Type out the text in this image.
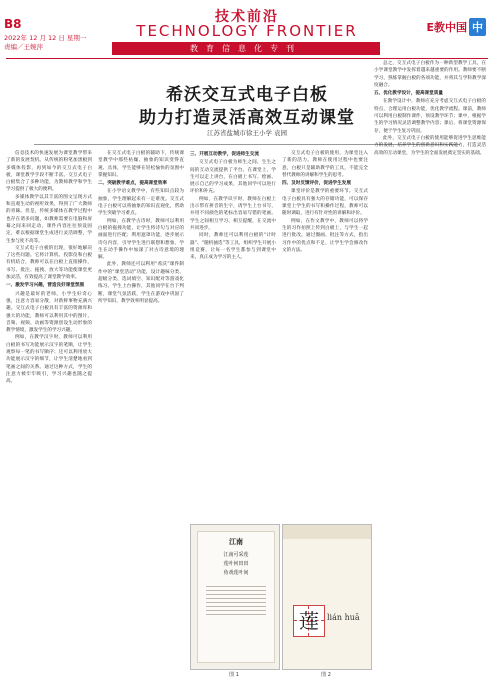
B8
2022年 12 月 12 日 星期一
责编／王婉萍
技术前沿
TECHNOLOGY FRONTIER
教育信息化专刊
E教中国 中
希沃交互式电子白板
助力打造灵活高效互动课堂
江苏省盐城市徐王小学 袁园

信息技术的快速发展为课堂教学带来了新的发展契机。从传统的粉笔加黑板到多媒体投影，再到如今的交互式电子白板，课堂教学手段不断丰富。交互式电子白板集合了多种功能，为教师教学和学生学习提供了极大的便利。

多媒体教学以其丰富的图文呈现方式和直观生动的视听效果，得到了广大教师的青睐。但是，传统多媒体在教学过程中也存在诸多问题，如教师需要在电脑和屏幕之间来回走动，课件内容往往预设固定，难以根据课堂生成进行灵活调整，学生参与度不高等。

交互式电子白板的出现，很好地解决了这些问题。它将计算机、投影仪和白板有机结合，教师可以在白板上直接操作，书写、批注、拖拽、放大等功能使课堂更加灵活，有效提高了课堂教学效率。

一、激发学习兴趣，营造良好课堂氛围

兴趣是最好的老师。小学生好奇心强，注意力容易分散，对新鲜事物充满兴趣。交互式电子白板具有丰富的资源库和强大的功能，教师可以利用其中的图片、音频、视频、动画等资源创设生动形象的教学情境，激发学生的学习兴趣。

例如，在教学汉字时，教师可以利用白板的书写功能展示汉字的笔顺，让学生观察每一笔的书写顺序；还可以利用放大功能展示汉字的细节，让学生清楚地看到笔画之间的关系。通过这种方式，学生的注意力被牢牢吸引，学习兴趣也随之提高。

在交互式电子白板的辅助下，传统课堂教学中那些枯燥、抽象的知识变得直观、具体，学生能够在轻松愉快的氛围中掌握知识。

二、突破教学难点，提高课堂效率

在小学语文教学中，有些知识点较为抽象，学生理解起来有一定难度。交互式电子白板可以将抽象的知识直观化，帮助学生突破学习难点。

例如，在教学古诗时，教师可以利用白板的拖拽功能，让学生将诗句与对应的画面进行匹配；利用遮罩功能，逐步展示诗句内容，引导学生进行联想和想象。学生在动手操作中加深了对古诗意境的理解。

此外，教师还可以利用“希沃”课件制作中的“课堂活动”功能，设计趣味分类、超级分类、选词填空、知识配对等游戏化练习。学生上台操作，其他同学在台下判断，课堂气氛活跃，学生在游戏中巩固了所学知识，教学效率明显提高。

三、开展互动教学，促进师生交流

交互式电子白板为师生之间、生生之间的互动交流提供了平台。在课堂上，学生可以走上讲台，在白板上书写、绘画、展示自己的学习成果，其他同学可以进行评价和补充。

例如，在教学识字时，教师在白板上出示带有拼音的生字，请学生上台书写，并用不同颜色的笔标出容易写错的笔画。学生之间相互学习、相互提醒，在交流中共同进步。

同时，教师还可以利用白板的“计时器”、“随机抽选”等工具，组织学生开展小组竞赛，让每一名学生都参与到课堂中来，真正成为学习的主人。

交互式电子白板的使用，为课堂注入了新的活力。教师在使用过程中也要注意，白板只是辅助教学的工具，不能完全替代教师的讲解和学生的思考。

四、及时反馈评价，促进学生发展

课堂评价是教学的重要环节。交互式电子白板具有强大的存储功能，可以保存课堂上学生的书写和操作过程，教师可以随时调取，进行有针对性的讲解和评价。

例如，在作文教学中，教师可以将学生的习作拍照上传到白板上，与学生一起进行批改。通过圈画、批注等方式，指出习作中的优点和不足，让学生学会修改作文的方法。

总之，交互式电子白板作为一种新型教学工具，在小学课堂教学中发挥着越来越重要的作用。教师要不断学习，熟练掌握白板的各项功能，并将其与学科教学深度融合。

五、优化教学设计，提高课堂质量

在教学设计中，教师应充分考虑交互式电子白板的特点，合理运用白板功能，优化教学流程。课前，教师可以利用白板制作课件，预设教学环节；课中，根据学生的学习情况灵活调整教学内容；课后，将课堂资源保存，便于学生复习巩固。

此外，交互式电子白板的使用能够促进学生思维能力的发展，培养学生的创新意识和实践能力，打造灵活高效的互动课堂，为学生的全面发展奠定坚实的基础。

江南
江南可采莲
莲叶何田田
鱼戏莲叶间
图 1
莲	lián huā
图 2
